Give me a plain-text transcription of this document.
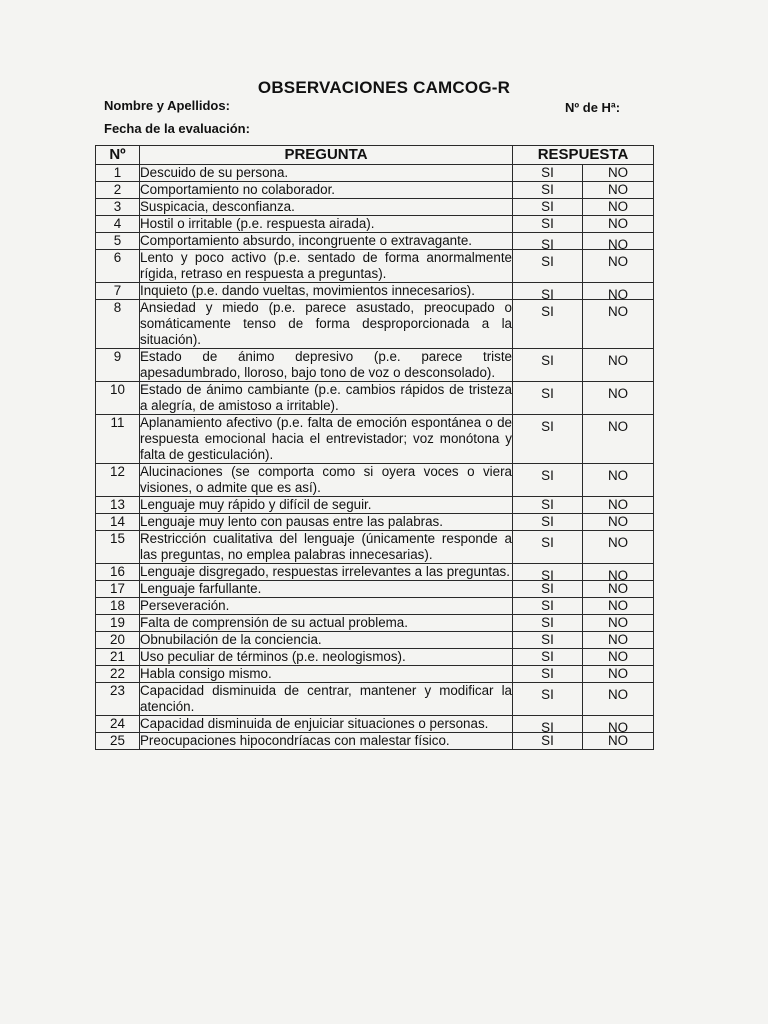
OBSERVACIONES CAMCOG-R
Nombre y Apellidos:	Nº de Hª:
Fecha de la evaluación:
Nº	PREGUNTA	RESPUESTA	
1	Descuido de su persona.	SI	NO
2	Comportamiento no colaborador.	SI	NO
3	Suspicacia, desconfianza.	SI	NO
4	Hostil o irritable (p.e. respuesta airada).	SI	NO
5	Comportamiento absurdo, incongruente o extravagante.	SI	NO
6	Lento y poco activo (p.e. sentado de forma anormalmente rígida, retraso en respuesta a preguntas).	SI	NO
7	Inquieto (p.e. dando vueltas, movimientos innecesarios).	SI	NO
8	Ansiedad y miedo (p.e. parece asustado, preocupado o somáticamente tenso de forma desproporcionada a la situación).	SI	NO
9	Estado de ánimo depresivo (p.e. parece triste apesadumbrado, lloroso, bajo tono de voz o desconsolado).	SI	NO
10	Estado de ánimo cambiante (p.e. cambios rápidos de tristeza a alegría, de amistoso a irritable).	SI	NO
11	Aplanamiento afectivo (p.e. falta de emoción espontánea o de respuesta emocional hacia el entrevistador; voz monótona y falta de gesticulación).	SI	NO
12	Alucinaciones (se comporta como si oyera voces o viera visiones, o admite que es así).	SI	NO
13	Lenguaje muy rápido y difícil de seguir.	SI	NO
14	Lenguaje muy lento con pausas entre las palabras.	SI	NO
15	Restricción cualitativa del lenguaje (únicamente responde a las preguntas, no emplea palabras innecesarias).	SI	NO
16	Lenguaje disgregado, respuestas irrelevantes a las preguntas.	SI	NO
17	Lenguaje farfullante.	SI	NO
18	Perseveración.	SI	NO
19	Falta de comprensión de su actual problema.	SI	NO
20	Obnubilación de la conciencia.	SI	NO
21	Uso peculiar de términos (p.e. neologismos).	SI	NO
22	Habla consigo mismo.	SI	NO
23	Capacidad disminuida de centrar, mantener y modificar la atención.	SI	NO
24	Capacidad disminuida de enjuiciar situaciones o personas.	SI	NO
25	Preocupaciones hipocondríacas con malestar físico.	SI	NO
